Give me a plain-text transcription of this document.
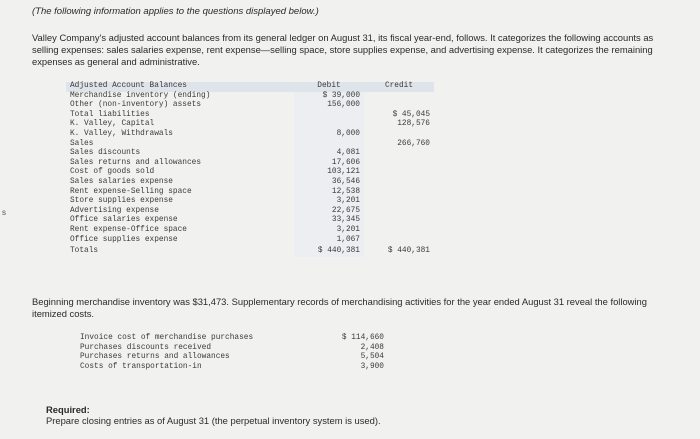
s
(The following information applies to the questions displayed below.)
Valley Company's adjusted account balances from its general ledger on August 31, its fiscal year-end, follows. It categorizes the following accounts as selling expenses: sales salaries expense, rent expense—selling space, store supplies expense, and advertising expense. It categorizes the remaining expenses as general and administrative.
Adjusted Account Balances	Debit	Credit
Merchandise inventory (ending)	$ 39,000	
Other (non-inventory) assets	156,000	
Total liabilities		$ 45,045
K. Valley, Capital		128,576
K. Valley, Withdrawals	8,000	
Sales		266,760
Sales discounts	4,081	
Sales returns and allowances	17,606	
Cost of goods sold	103,121	
Sales salaries expense	36,546	
Rent expense-Selling space	12,538	
Store supplies expense	3,201	
Advertising expense	22,675	
Office salaries expense	33,345	
Rent expense-Office space	3,201	
Office supplies expense	1,067	
Totals	$ 440,381	$ 440,381
Beginning merchandise inventory was $31,473. Supplementary records of merchandising activities for the year ended August 31 reveal the following itemized costs.
Invoice cost of merchandise purchases	$ 114,660
Purchases discounts received	2,408
Purchases returns and allowances	5,504
Costs of transportation-in	3,900
Required:
Prepare closing entries as of August 31 (the perpetual inventory system is used).
